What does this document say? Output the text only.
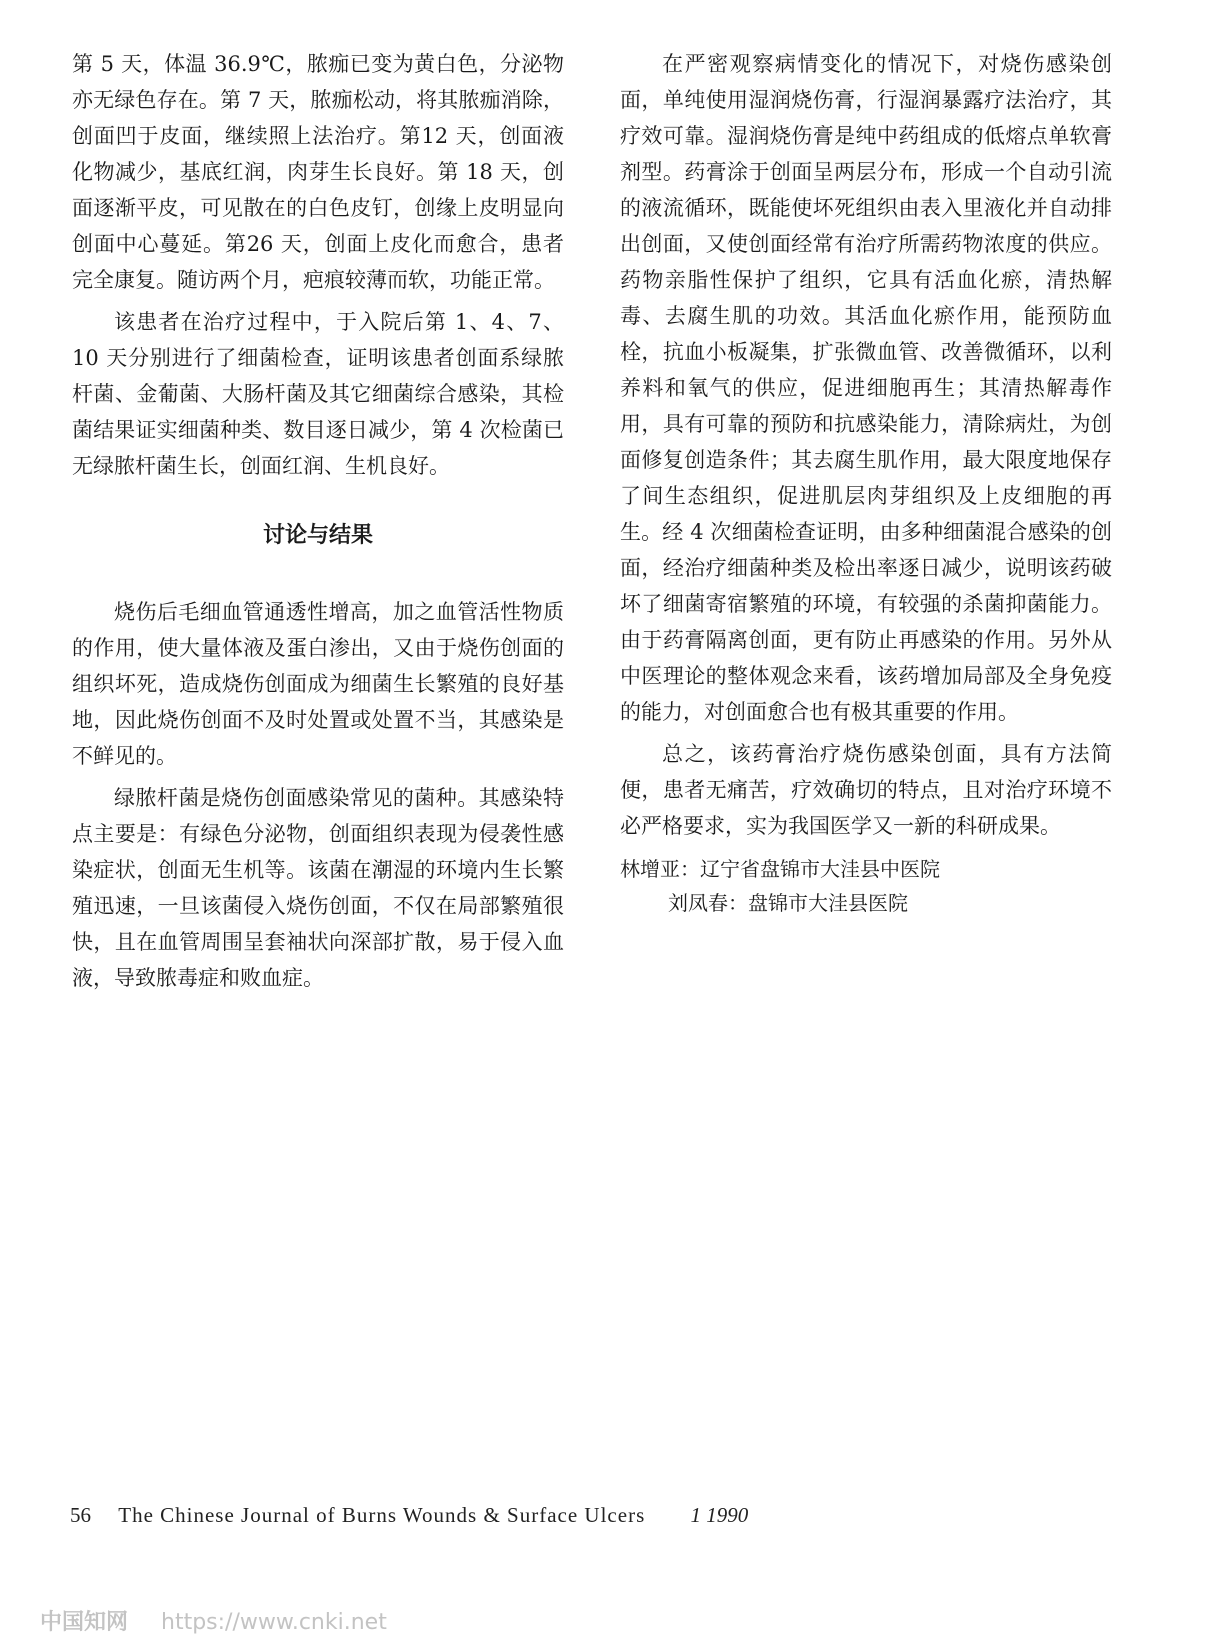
第 5 天，体温 36.9℃，脓痂已变为黄白色，分泌物亦无绿色存在。第 7 天，脓痂松动，将其脓痂消除，创面凹于皮面，继续照上法治疗。第12 天，创面液化物减少，基底红润，肉芽生长良好。第 18 天，创面逐渐平皮，可见散在的白色皮钉，创缘上皮明显向创面中心蔓延。第26 天，创面上皮化而愈合，患者完全康复。随访两个月，疤痕较薄而软，功能正常。

该患者在治疗过程中，于入院后第 1、4、7、10 天分别进行了细菌检查，证明该患者创面系绿脓杆菌、金葡菌、大肠杆菌及其它细菌综合感染，其检菌结果证实细菌种类、数目逐日减少，第 4 次检菌已无绿脓杆菌生长，创面红润、生机良好。

讨论与结果

烧伤后毛细血管通透性增高，加之血管活性物质的作用，使大量体液及蛋白渗出，又由于烧伤创面的组织坏死，造成烧伤创面成为细菌生长繁殖的良好基地，因此烧伤创面不及时处置或处置不当，其感染是不鲜见的。

绿脓杆菌是烧伤创面感染常见的菌种。其感染特点主要是：有绿色分泌物，创面组织表现为侵袭性感染症状，创面无生机等。该菌在潮湿的环境内生长繁殖迅速，一旦该菌侵入烧伤创面，不仅在局部繁殖很快，且在血管周围呈套袖状向深部扩散，易于侵入血液，导致脓毒症和败血症。

在严密观察病情变化的情况下，对烧伤感染创面，单纯使用湿润烧伤膏，行湿润暴露疗法治疗，其疗效可靠。湿润烧伤膏是纯中药组成的低熔点单软膏剂型。药膏涂于创面呈两层分布，形成一个自动引流的液流循环，既能使坏死组织由表入里液化并自动排出创面，又使创面经常有治疗所需药物浓度的供应。药物亲脂性保护了组织，它具有活血化瘀，清热解毒、去腐生肌的功效。其活血化瘀作用，能预防血栓，抗血小板凝集，扩张微血管、改善微循环，以利养料和氧气的供应，促进细胞再生；其清热解毒作用，具有可靠的预防和抗感染能力，清除病灶，为创面修复创造条件；其去腐生肌作用，最大限度地保存了间生态组织，促进肌层肉芽组织及上皮细胞的再生。经 4 次细菌检查证明，由多种细菌混合感染的创面，经治疗细菌种类及检出率逐日减少，说明该药破坏了细菌寄宿繁殖的环境，有较强的杀菌抑菌能力。由于药膏隔离创面，更有防止再感染的作用。另外从中医理论的整体观念来看，该药增加局部及全身免疫的能力，对创面愈合也有极其重要的作用。

总之，该药膏治疗烧伤感染创面，具有方法简便，患者无痛苦，疗效确切的特点，且对治疗环境不必严格要求，实为我国医学又一新的科研成果。

林增亚：辽宁省盘锦市大洼县中医院
刘凤春：盘锦市大洼县医院
56 The Chinese Journal of Burns Wounds & Surface Ulcers 1 1990
中国知网 https://www.cnki.net
